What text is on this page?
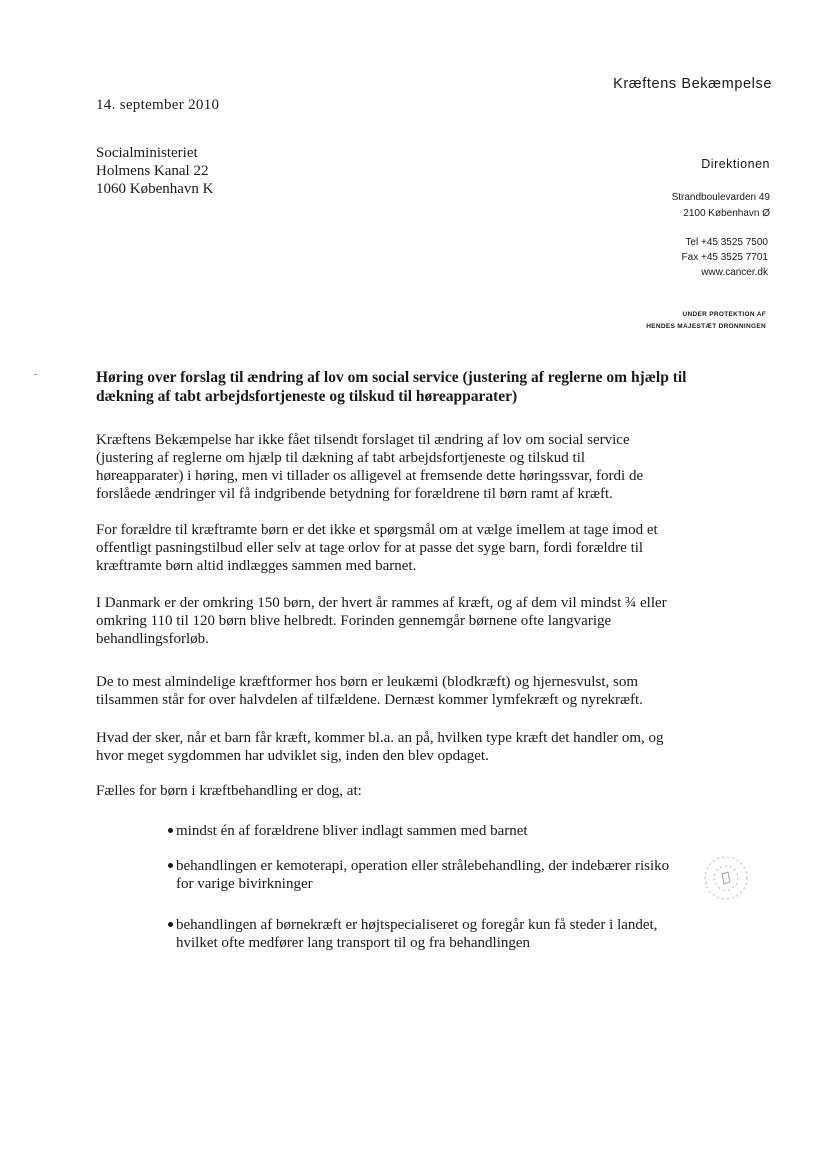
Kræftens Bekæmpelse
14. september 2010
Socialministeriet
Holmens Kanal 22
1060 København K
Direktionen
Strandboulevarden 49
2100 København Ø
Tel +45 3525 7500
Fax +45 3525 7701
www.cancer.dk
UNDER PROTEKTION AF
HENDES MAJESTÆT DRONNINGEN
Høring over forslag til ændring af lov om social service (justering af reglerne om hjælp til dækning af tabt arbejdsfortjeneste og tilskud til høreapparater)

Kræftens Bekæmpelse har ikke fået tilsendt forslaget til ændring af lov om social service (justering af reglerne om hjælp til dækning af tabt arbejdsfortjeneste og tilskud til høreapparater) i høring, men vi tillader os alligevel at fremsende dette høringssvar, fordi de forslåede ændringer vil få indgribende betydning for forældrene til børn ramt af kræft.

For forældre til kræftramte børn er det ikke et spørgsmål om at vælge imellem at tage imod et offentligt pasningstilbud eller selv at tage orlov for at passe det syge barn, fordi forældre til kræftramte børn altid indlægges sammen med barnet.

I Danmark er der omkring 150 børn, der hvert år rammes af kræft, og af dem vil mindst ¾ eller omkring 110 til 120 børn blive helbredt. Forinden gennemgår børnene ofte langvarige behandlingsforløb.

De to mest almindelige kræftformer hos børn er leukæmi (blodkræft) og hjernesvulst, som tilsammen står for over halvdelen af tilfældene. Dernæst kommer lymfekræft og nyrekræft.

Hvad der sker, når et barn får kræft, kommer bl.a. an på, hvilken type kræft det handler om, og hvor meget sygdommen har udviklet sig, inden den blev opdaget.

Fælles for børn i kræftbehandling er dog, at:

mindst én af forældrene bliver indlagt sammen med barnet
behandlingen er kemoterapi, operation eller strålebehandling, der indebærer risiko for varige bivirkninger
behandlingen af børnekræft er højtspecialiseret og foregår kun få steder i landet, hvilket ofte medfører lang transport til og fra behandlingen
